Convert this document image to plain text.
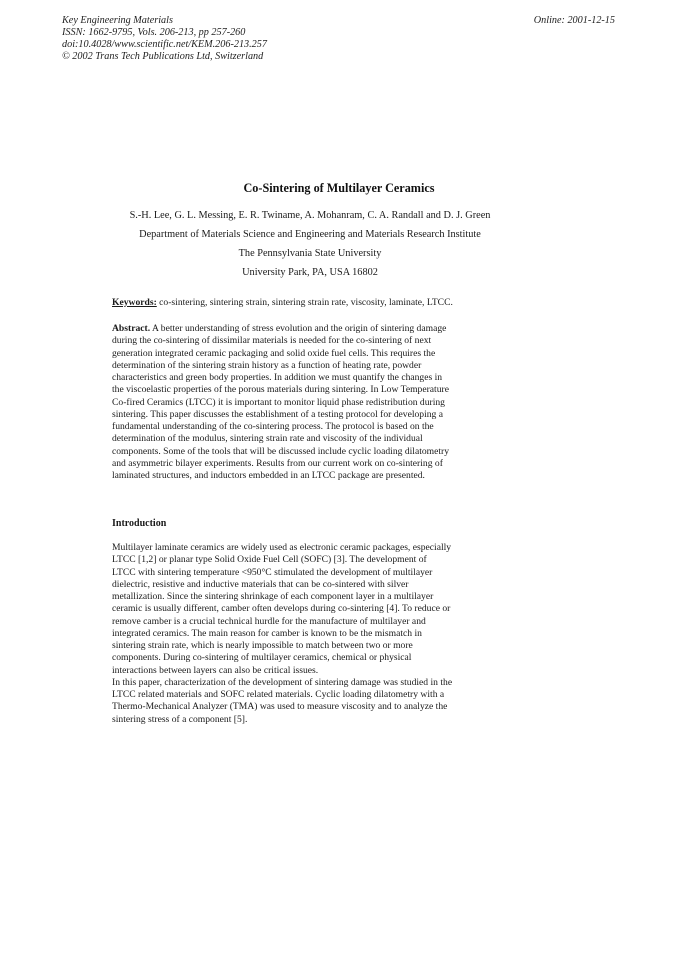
Key Engineering Materials
ISSN: 1662-9795, Vols. 206-213, pp 257-260
doi:10.4028/www.scientific.net/KEM.206-213.257
© 2002 Trans Tech Publications Ltd, Switzerland
Online: 2001-12-15
Co-Sintering of Multilayer Ceramics
S.-H. Lee, G. L. Messing, E. R. Twiname, A. Mohanram, C. A. Randall and D. J. Green
Department of Materials Science and Engineering and Materials Research Institute
The Pennsylvania State University
University Park, PA, USA 16802
Keywords: co-sintering, sintering strain, sintering strain rate, viscosity, laminate, LTCC.
Abstract. A better understanding of stress evolution and the origin of sintering damage
during the co-sintering of dissimilar materials is needed for the co-sintering of next
generation integrated ceramic packaging and solid oxide fuel cells. This requires the
determination of the sintering strain history as a function of heating rate, powder
characteristics and green body properties. In addition we must quantify the changes in
the viscoelastic properties of the porous materials during sintering. In Low Temperature
Co-fired Ceramics (LTCC) it is important to monitor liquid phase redistribution during
sintering. This paper discusses the establishment of a testing protocol for developing a
fundamental understanding of the co-sintering process. The protocol is based on the
determination of the modulus, sintering strain rate and viscosity of the individual
components. Some of the tools that will be discussed include cyclic loading dilatometry
and asymmetric bilayer experiments. Results from our current work on co-sintering of
laminated structures, and inductors embedded in an LTCC package are presented.
Introduction
Multilayer laminate ceramics are widely used as electronic ceramic packages, especially
LTCC [1,2] or planar type Solid Oxide Fuel Cell (SOFC) [3]. The development of
LTCC with sintering temperature <950°C stimulated the development of multilayer
dielectric, resistive and inductive materials that can be co-sintered with silver
metallization. Since the sintering shrinkage of each component layer in a multilayer
ceramic is usually different, camber often develops during co-sintering [4]. To reduce or
remove camber is a crucial technical hurdle for the manufacture of multilayer and
integrated ceramics. The main reason for camber is known to be the mismatch in
sintering strain rate, which is nearly impossible to match between two or more
components. During co-sintering of multilayer ceramics, chemical or physical
interactions between layers can also be critical issues.
In this paper, characterization of the development of sintering damage was studied in the
LTCC related materials and SOFC related materials. Cyclic loading dilatometry with a
Thermo-Mechanical Analyzer (TMA) was used to measure viscosity and to analyze the
sintering stress of a component [5].
